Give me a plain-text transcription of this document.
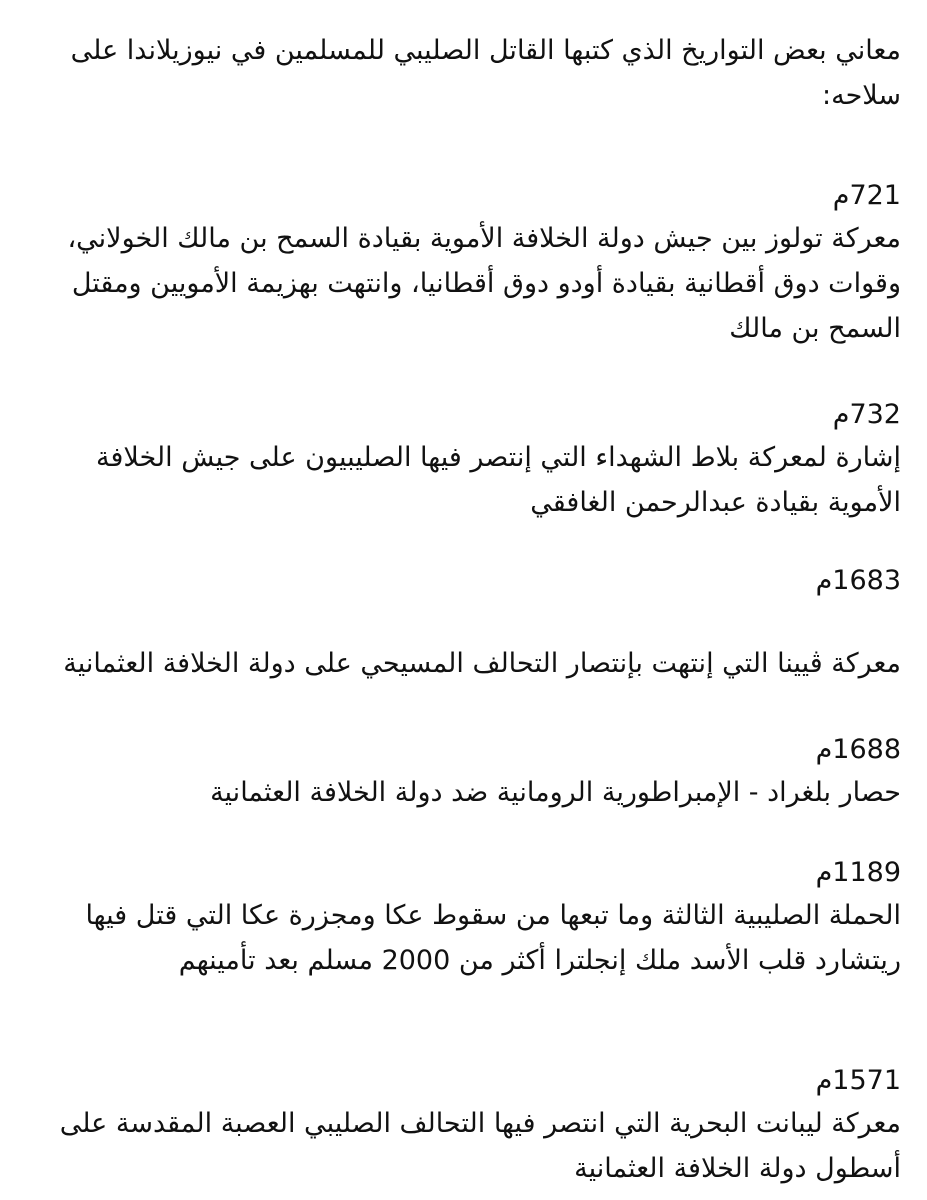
معاني بعض التواريخ الذي كتبها القاتل الصليبي للمسلمين في نيوزيلاندا على سلاحه:

721م
معركة تولوز بين جيش دولة الخلافة الأموية بقيادة السمح بن مالك الخولاني، وقوات دوق أقطانية بقيادة أودو دوق أقطانيا، وانتهت بهزيمة الأمويين ومقتل السمح بن مالك
732م
إشارة لمعركة بلاط الشهداء التي إنتصر فيها الصليبيون على جيش الخلافة الأموية بقيادة عبدالرحمن الغافقي
1683م
معركة ڤيينا التي إنتهت بإنتصار التحالف المسيحي على دولة الخلافة العثمانية
1688م
حصار بلغراد - الإمبراطورية الرومانية ضد دولة الخلافة العثمانية
1189م
الحملة الصليبية الثالثة وما تبعها من سقوط عكا ومجزرة عكا التي قتل فيها ريتشارد قلب الأسد ملك إنجلترا أكثر من 2000 مسلم بعد تأمينهم
1571م
معركة ليبانت البحرية التي انتصر فيها التحالف الصليبي العصبة المقدسة على أسطول دولة الخلافة العثمانية
